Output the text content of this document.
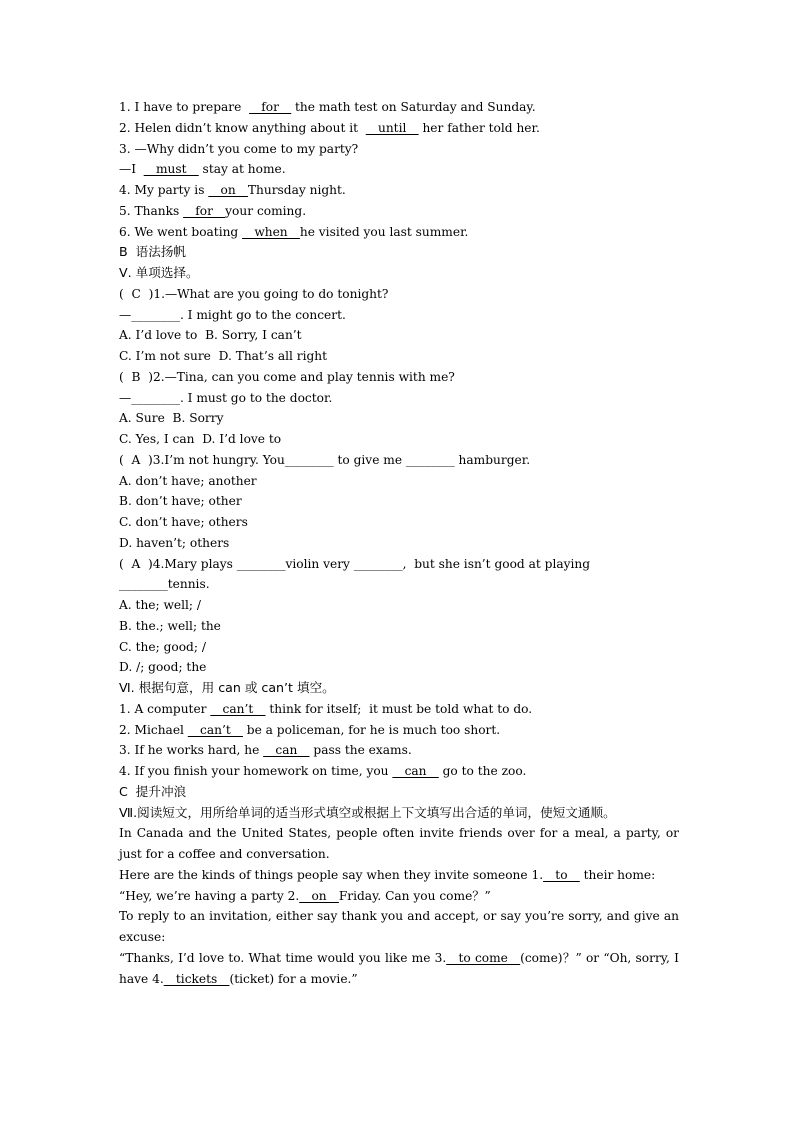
1. I have to prepare  __for__ the math test on Saturday and Sunday.
2. Helen didn’t know anything about it  __until__ her father told her.
3. —Why didn’t you come to my party?
—I  __must__ stay at home.
4. My party is __on__Thursday night.
5. Thanks __for__your coming.
6. We went boating __when__he visited you last summer.
B  语法扬帆
Ⅴ. 单项选择。
(  C  )1.—What are you going to do tonight?
—________. I might go to the concert.
A. I’d love to  B. Sorry, I can’t
C. I’m not sure  D. That’s all right
(  B  )2.—Tina, can you come and play tennis with me?
—________. I must go to the doctor.
A. Sure  B. Sorry
C. Yes, I can  D. I’d love to
(  A  )3.I’m not hungry. You________ to give me ________ hamburger.
A. don’t have; another
B. don’t have; other
C. don’t have; others
D. haven’t; others
(  A  )4.Mary plays ________violin very ________,  but she isn’t good at playing
________tennis.
A. the; well; /
B. the.; well; the
C. the; good; /
D. /; good; the
Ⅵ. 根据句意，用 can 或 can’t 填空。
1. A computer __can’t__ think for itself;  it must be told what to do.
2. Michael __can’t__ be a policeman, for he is much too short.
3. If he works hard, he __can__ pass the exams.
4. If you finish your homework on time, you __can__ go to the zoo.
C  提升冲浪
Ⅶ.阅读短文，用所给单词的适当形式填空或根据上下文填写出合适的单词，使短文通顺。
In Canada and the United States, people often invite friends over for a meal, a party, or just for a coffee and conversation.
Here are the kinds of things people say when they invite someone 1.__to__ their home:
“Hey, we’re having a party 2.__on__Friday. Can you come？”
To reply to an invitation, either say thank you and accept, or say you’re sorry, and give an excuse:
“Thanks, I’d love to. What time would you like me 3.__to come__(come)？” or “Oh, sorry, I have 4.__tickets__(ticket) for a movie.”
